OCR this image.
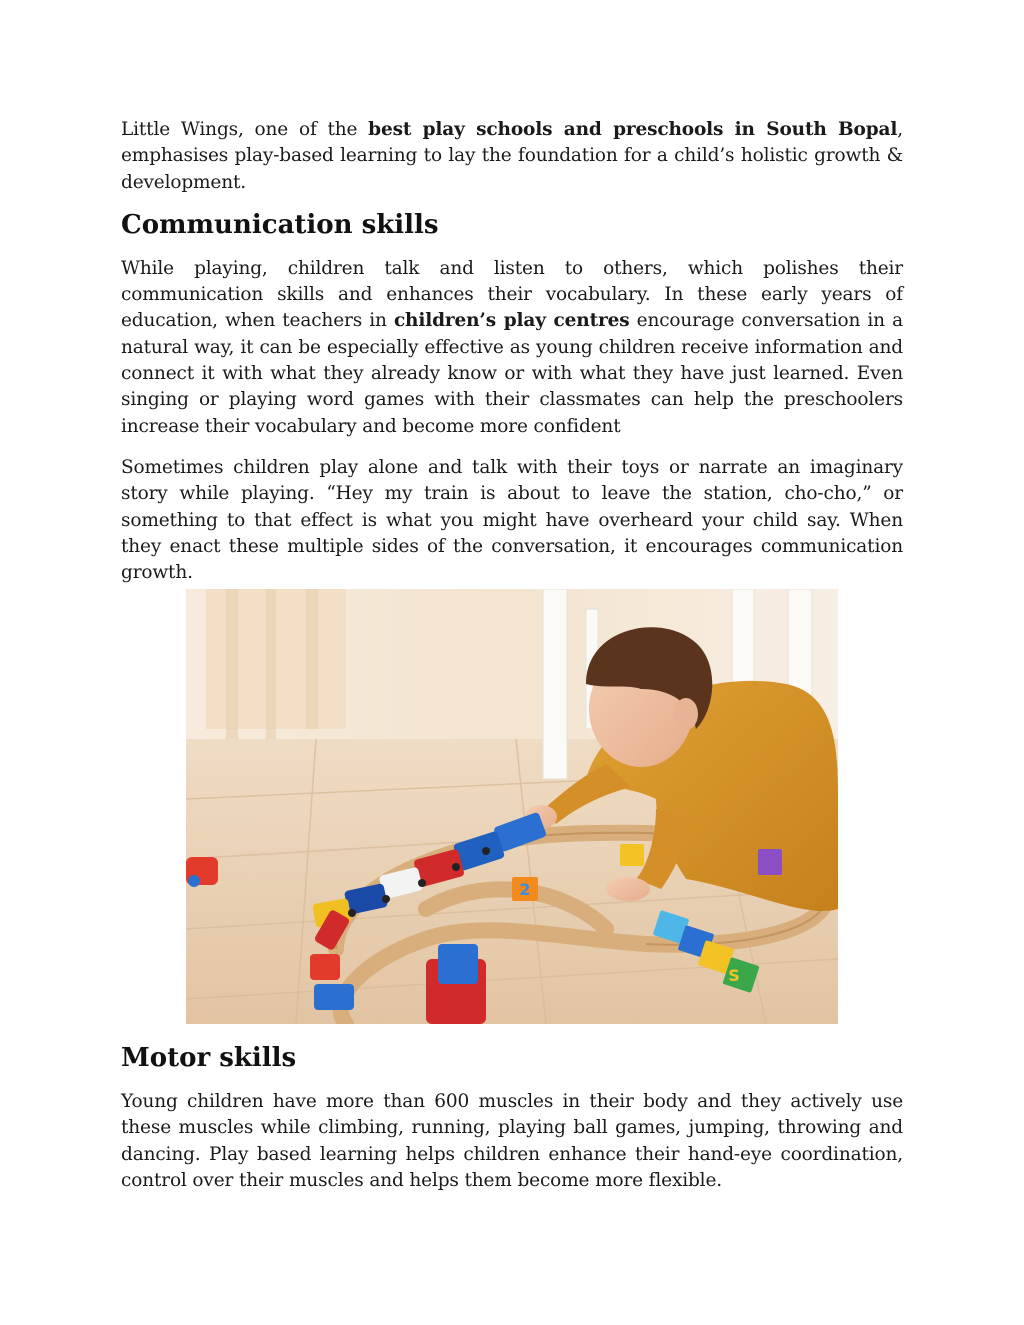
Little Wings, one of the best play schools and preschools in South Bopal, emphasises play-based learning to lay the foundation for a child’s holistic growth & development.

Communication skills

While playing, children talk and listen to others, which polishes their communication skills and enhances their vocabulary. In these early years of education, when teachers in children’s play centres encourage conversation in a natural way, it can be especially effective as young children receive information and connect it with what they already know or with what they have just learned. Even singing or playing word games with their classmates can help the preschoolers increase their vocabulary and become more confident

Sometimes children play alone and talk with their toys or narrate an imaginary story while playing. “Hey my train is about to leave the station, cho-cho,” or something to that effect is what you might have overheard your child say. When they enact these multiple sides of the conversation, it encourages communication growth.

2
S
Motor skills

Young children have more than 600 muscles in their body and they actively use these muscles while climbing, running, playing ball games, jumping, throwing and dancing. Play based learning helps children enhance their hand-eye coordination, control over their muscles and helps them become more flexible.
